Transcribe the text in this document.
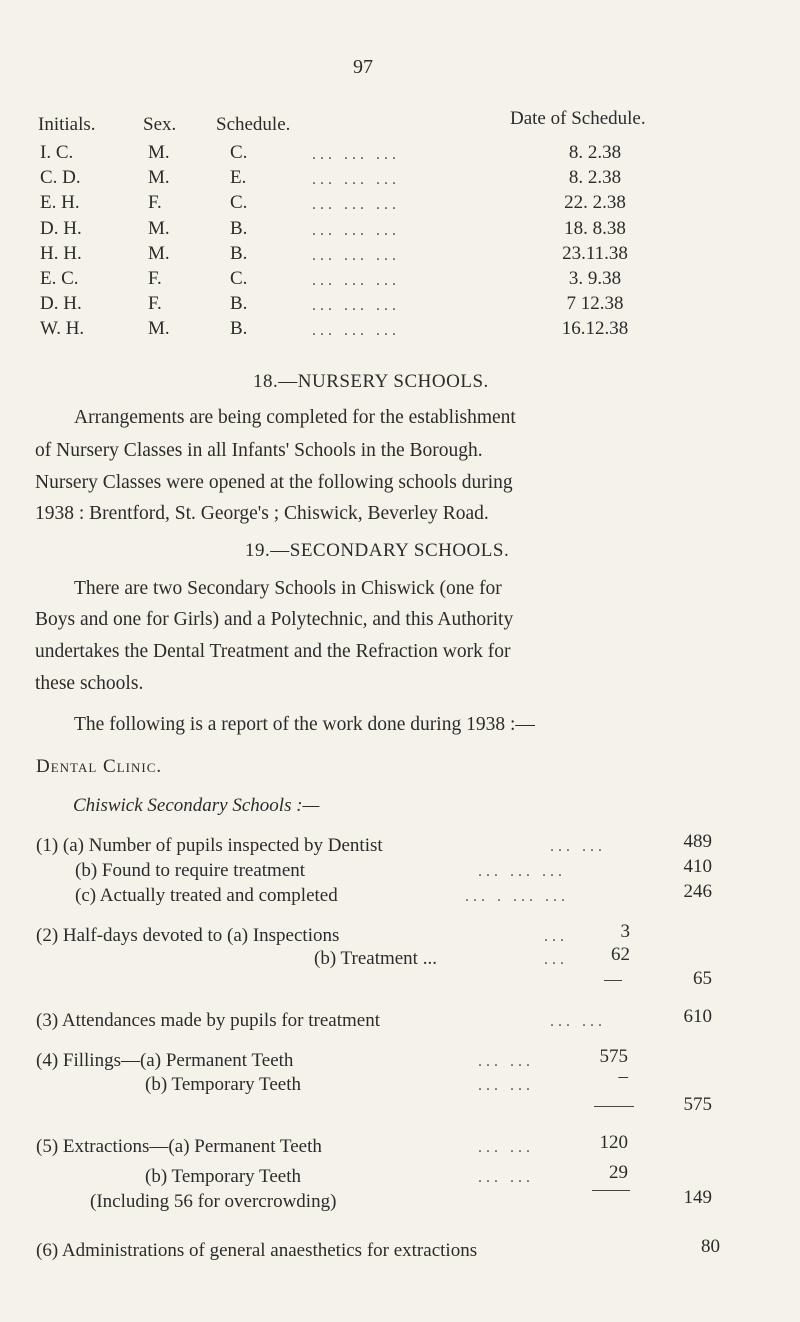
97
Initials. Sex. Schedule.	Date of Schedule.
I. C.	M.	C.	... ... ...	8. 2.38
C. D.	M.	E.	... ... ...	8. 2.38
E. H.	F.	C.	... ... ...	22. 2.38
D. H.	M.	B.	... ... ...	18. 8.38
H. H.	M.	B.	... ... ...	23.11.38
E. C.	F.	C.	... ... ...	3. 9.38
D. H.	F.	B.	... ... ...	7 12.38
W. H.	M.	B.	... ... ...	16.12.38
18.—NURSERY SCHOOLS.
Arrangements are being completed for the establishment
of Nursery Classes in all Infants' Schools in the Borough.
Nursery Classes were opened at the following schools during
1938 : Brentford, St. George's ; Chiswick, Beverley Road.
19.—SECONDARY SCHOOLS.
There are two Secondary Schools in Chiswick (one for
Boys and one for Girls) and a Polytechnic, and this Authority
undertakes the Dental Treatment and the Refraction work for
these schools.
The following is a report of the work done during 1938 :—
Dental Clinic.
Chiswick Secondary Schools :—
(1) (a) Number of pupils inspected by Dentist	... ...	489
(b) Found to require treatment	... ... ...	410
(c) Actually treated and completed	... . ... ...	246
(2) Half-days devoted to (a) Inspections	...	3
(b) Treatment ...	...	62
65
(3) Attendances made by pupils for treatment	... ...	610
(4) Fillings—(a) Permanent Teeth	... ...	575
(b) Temporary Teeth	... ...	–
575
(5) Extractions—(a) Permanent Teeth	... ...	120
(b) Temporary Teeth	... ...	29
(Including 56 for overcrowding)	149
(6) Administrations of general anaesthetics for extractions	80
